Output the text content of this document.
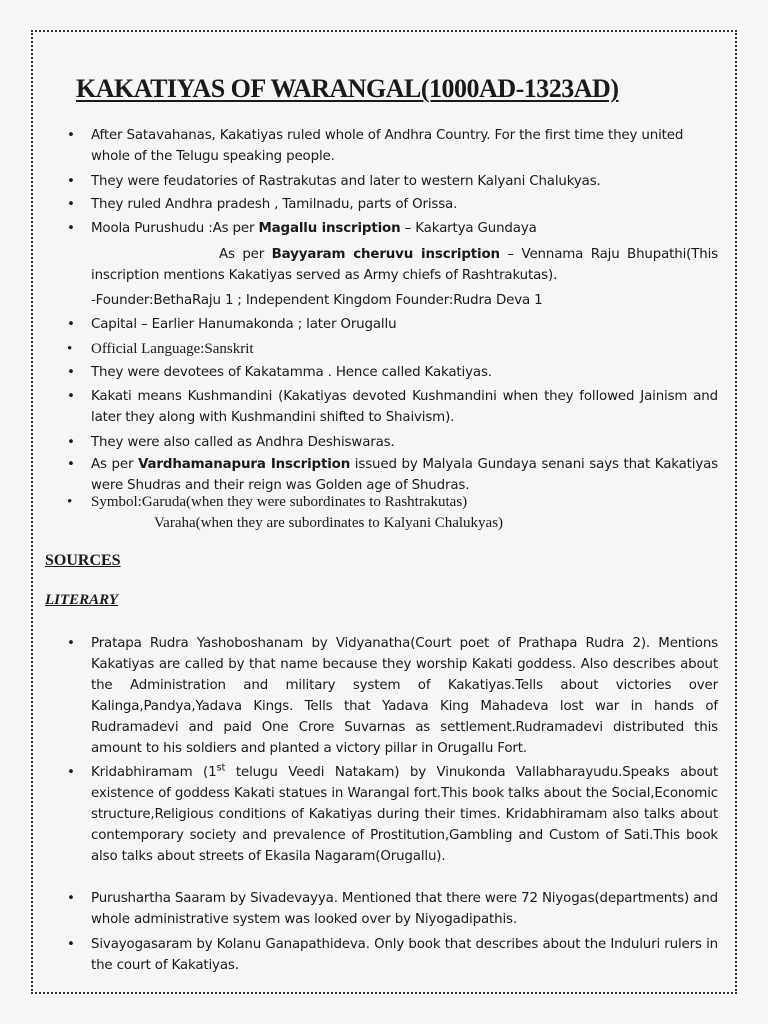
KAKATIYAS OF WARANGAL(1000AD-1323AD)
• After Satavahanas, Kakatiyas ruled whole of Andhra Country. For the first time they united whole of the Telugu speaking people.
• They were feudatories of Rastrakutas and later to western Kalyani Chalukyas.
• They ruled Andhra pradesh , Tamilnadu, parts of Orissa.
• Moola Purushudu :As per Magallu inscription – Kakartya Gundaya
As per Bayyaram cheruvu inscription – Vennama Raju Bhupathi(This
inscription mentions Kakatiyas served as Army chiefs of Rashtrakutas).
-Founder:BethaRaju 1 ; Independent Kingdom Founder:Rudra Deva 1
• Capital – Earlier Hanumakonda ; later Orugallu
• Official Language:Sanskrit
• They were devotees of Kakatamma . Hence called Kakatiyas.
• Kakati means Kushmandini (Kakatiyas devoted Kushmandini when they followed Jainism and later they along with Kushmandini shifted to Shaivism).
• They were also called as Andhra Deshiswaras.
• As per Vardhamanapura Inscription issued by Malyala Gundaya senani says that Kakatiyas were Shudras and their reign was Golden age of Shudras.
• Symbol:Garuda(when they were subordinates to Rashtrakutas)
Varaha(when they are subordinates to Kalyani Chalukyas)
SOURCES
LITERARY
• Pratapa Rudra Yashoboshanam by Vidyanatha(Court poet of Prathapa Rudra 2). Mentions Kakatiyas are called by that name because they worship Kakati goddess. Also describes about the Administration and military system of Kakatiyas.Tells about victories over Kalinga,Pandya,Yadava Kings. Tells that Yadava King Mahadeva lost war in hands of Rudramadevi and paid One Crore Suvarnas as settlement.Rudramadevi distributed this amount to his soldiers and planted a victory pillar in Orugallu Fort.
• Kridabhiramam (1st telugu Veedi Natakam) by Vinukonda Vallabharayudu.Speaks about existence of goddess Kakati statues in Warangal fort.This book talks about the Social,Economic structure,Religious conditions of Kakatiyas during their times. Kridabhiramam also talks about contemporary society and prevalence of Prostitution,Gambling and Custom of Sati.This book also talks about streets of Ekasila Nagaram(Orugallu).
• Purushartha Saaram by Sivadevayya. Mentioned that there were 72 Niyogas(departments) and whole administrative system was looked over by Niyogadipathis.
• Sivayogasaram by Kolanu Ganapathideva. Only book that describes about the Induluri rulers in the court of Kakatiyas.
